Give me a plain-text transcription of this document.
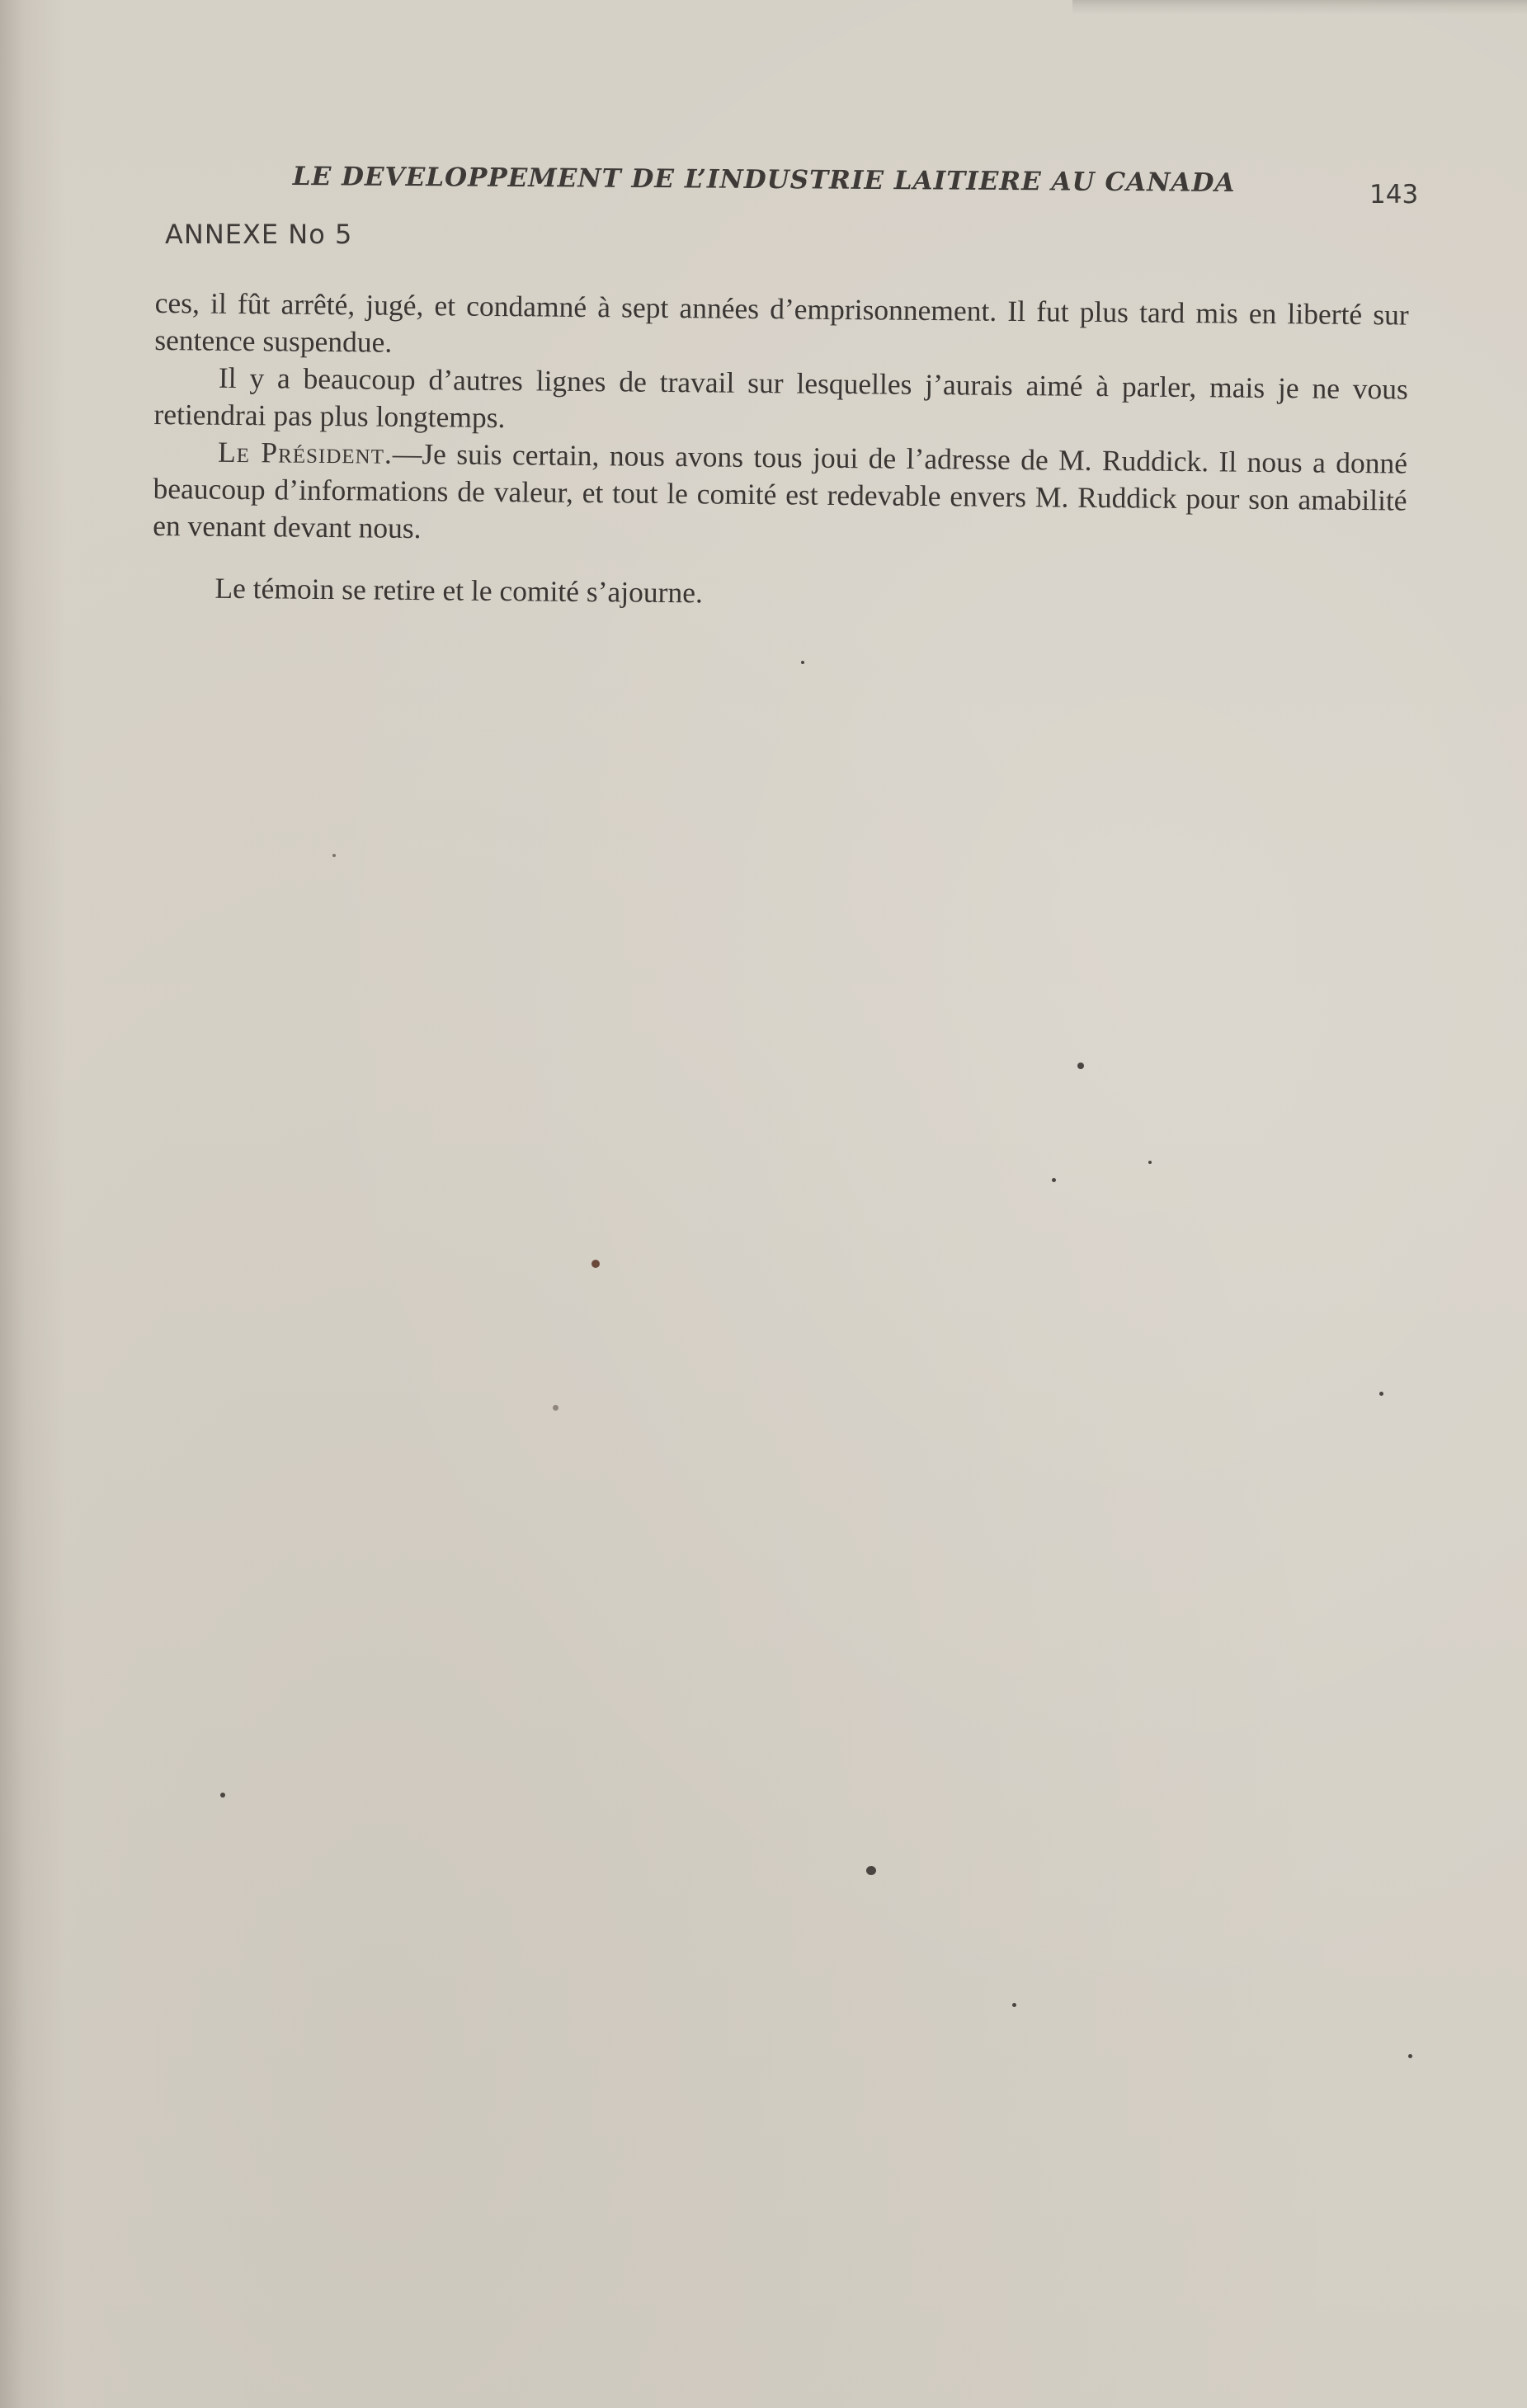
LE DEVELOPPEMENT DE L’INDUSTRIE LAITIERE AU CANADA	143
ANNEXE No 5

ces, il fût arrêté, jugé, et condamné à sept années d’emprisonnement. Il fut plus tard mis en liberté sur sentence suspendue.

Il y a beaucoup d’autres lignes de travail sur lesquelles j’aurais aimé à parler, mais je ne vous retiendrai pas plus longtemps.

Le Président.—Je suis certain, nous avons tous joui de l’adresse de M. Ruddick. Il nous a donné beaucoup d’informations de valeur, et tout le comité est redevable envers M. Ruddick pour son amabilité en venant devant nous.

Le témoin se retire et le comité s’ajourne.
